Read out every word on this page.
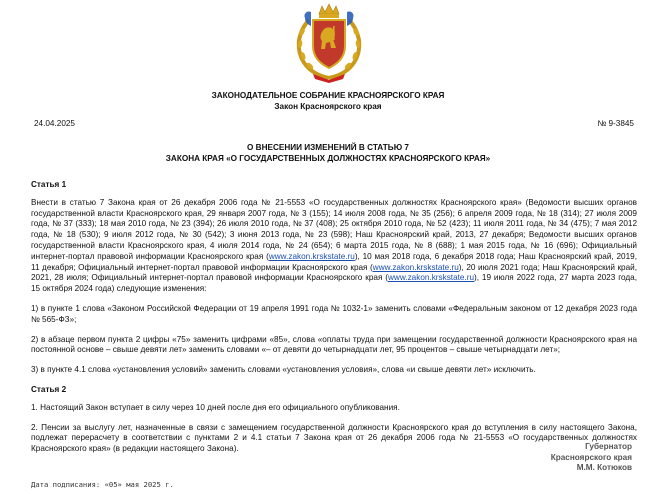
ЗАКОНОДАТЕЛЬНОЕ СОБРАНИЕ КРАСНОЯРСКОГО КРАЯ
Закон Красноярского края
24.04.2025	№ 9-3845
О ВНЕСЕНИИ ИЗМЕНЕНИЙ В СТАТЬЮ 7
ЗАКОНА КРАЯ «О ГОСУДАРСТВЕННЫХ ДОЛЖНОСТЯХ КРАСНОЯРСКОГО КРАЯ»

Статья 1

Внести в статью 7 Закона края от 26 декабря 2006 года № 21-5553 «О государственных должностях Красноярского края» (Ведомости высших органов государственной власти Красноярского края, 29 января 2007 года, № 3 (155); 14 июля 2008 года, № 35 (256); 6 апреля 2009 года, № 18 (314); 27 июля 2009 года, № 37 (333); 18 мая 2010 года, № 23 (394); 26 июля 2010 года, № 37 (408); 25 октября 2010 года, № 52 (423); 11 июля 2011 года, № 34 (475); 7 мая 2012 года, № 18 (530); 9 июля 2012 года, № 30 (542); 3 июня 2013 года, № 23 (598); Наш Красноярский край, 2013, 27 декабря; Ведомости высших органов государственной власти Красноярского края, 4 июля 2014 года, № 24 (654); 6 марта 2015 года, № 8 (688); 1 мая 2015 года, № 16 (696); Официальный интернет-портал правовой информации Красноярского края (www.zakon.krskstate.ru), 10 мая 2018 года, 6 декабря 2018 года; Наш Красноярский край, 2019, 11 декабря; Официальный интернет-портал правовой информации Красноярского края (www.zakon.krskstate.ru), 20 июля 2021 года; Наш Красноярский край, 2021, 28 июля; Официальный интернет-портал правовой информации Красноярского края (www.zakon.krskstate.ru), 19 июля 2022 года, 27 марта 2023 года, 15 октября 2024 года) следующие изменения:

1) в пункте 1 слова «Законом Российской Федерации от 19 апреля 1991 года № 1032-1» заменить словами «Федеральным законом от 12 декабря 2023 года № 565-ФЗ»;

2) в абзаце первом пункта 2 цифры «75» заменить цифрами «85», слова «оплаты труда при замещении государственной должности Красноярского края на постоянной основе – свыше девяти лет» заменить словами «– от девяти до четырнадцати лет, 95 процентов – свыше четырнадцати лет»;

3) в пункте 4.1 слова «установления условий» заменить словами «установления условия», слова «и свыше девяти лет» исключить.

Статья 2

1. Настоящий Закон вступает в силу через 10 дней после дня его официального опубликования.

2. Пенсии за выслугу лет, назначенные в связи с замещением государственной должности Красноярского края до вступления в силу настоящего Закона, подлежат перерасчету в соответствии с пунктами 2 и 4.1 статьи 7 Закона края от 26 декабря 2006 года № 21-5553 «О государственных должностях Красноярского края» (в редакции настоящего Закона).	Губернатор
Красноярского края
М.М. Котюков
Дата подписания: «05» мая 2025 г.
